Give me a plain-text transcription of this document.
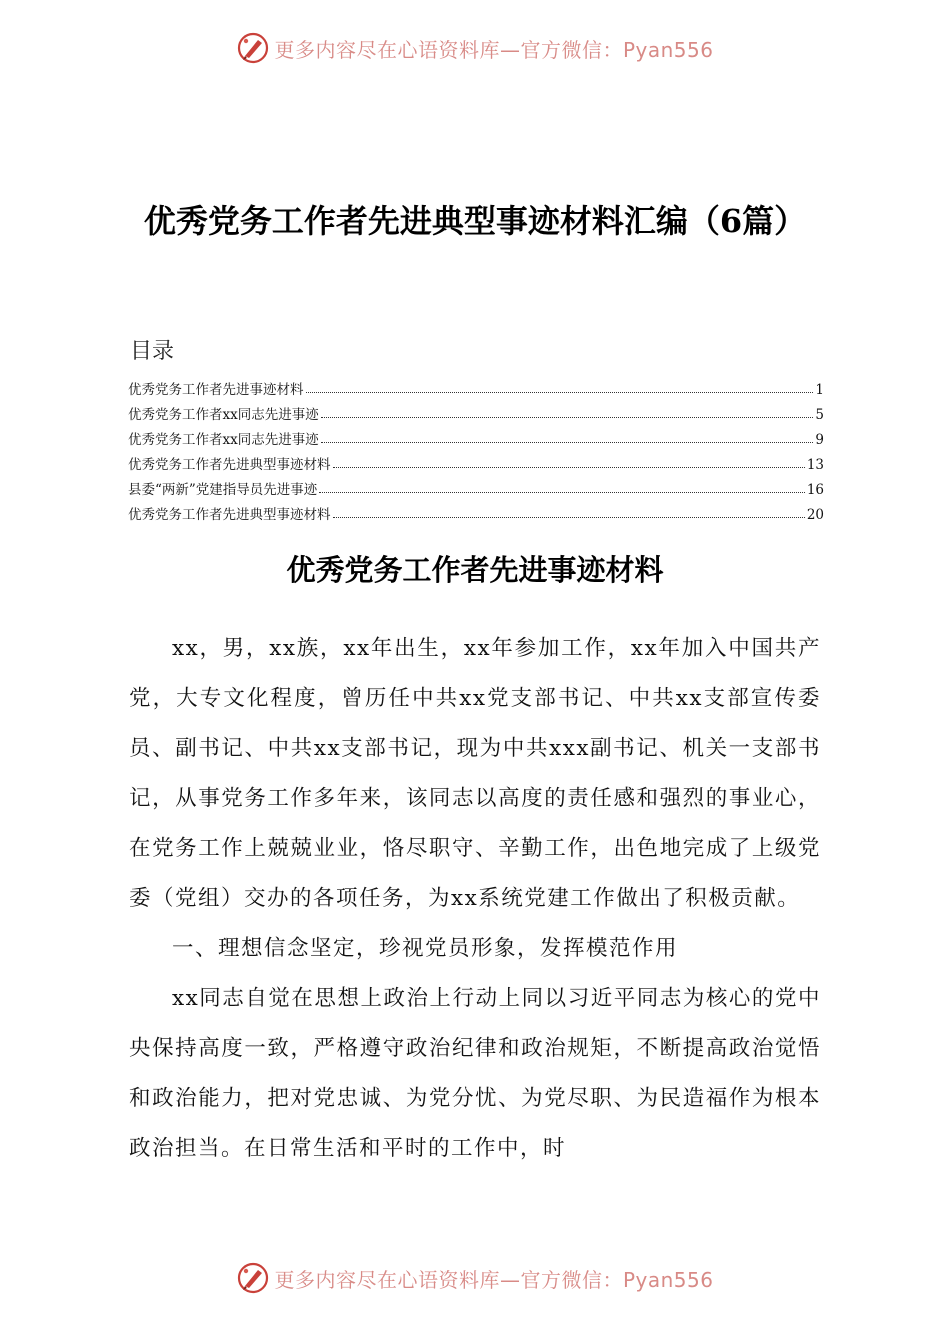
更多内容尽在心语资料库—官方微信：Pyan556
优秀党务工作者先进典型事迹材料汇编（6篇）
目录
优秀党务工作者先进事迹材料	1
优秀党务工作者xx同志先进事迹	5
优秀党务工作者xx同志先进事迹	9
优秀党务工作者先进典型事迹材料	13
县委“两新”党建指导员先进事迹	16
优秀党务工作者先进典型事迹材料	20
优秀党务工作者先进事迹材料

xx，男，xx族，xx年出生，xx年参加工作，xx年加入中国共产党，大专文化程度，曾历任中共xx党支部书记、中共xx支部宣传委员、副书记、中共xx支部书记，现为中共xxx副书记、机关一支部书记，从事党务工作多年来，该同志以高度的责任感和强烈的事业心，在党务工作上兢兢业业，恪尽职守、辛勤工作，出色地完成了上级党委（党组）交办的各项任务，为xx系统党建工作做出了积极贡献。

一、理想信念坚定，珍视党员形象，发挥模范作用

xx同志自觉在思想上政治上行动上同以习近平同志为核心的党中央保持高度一致，严格遵守政治纪律和政治规矩，不断提高政治觉悟和政治能力，把对党忠诚、为党分忧、为党尽职、为民造福作为根本政治担当。在日常生活和平时的工作中，时

更多内容尽在心语资料库—官方微信：Pyan556
